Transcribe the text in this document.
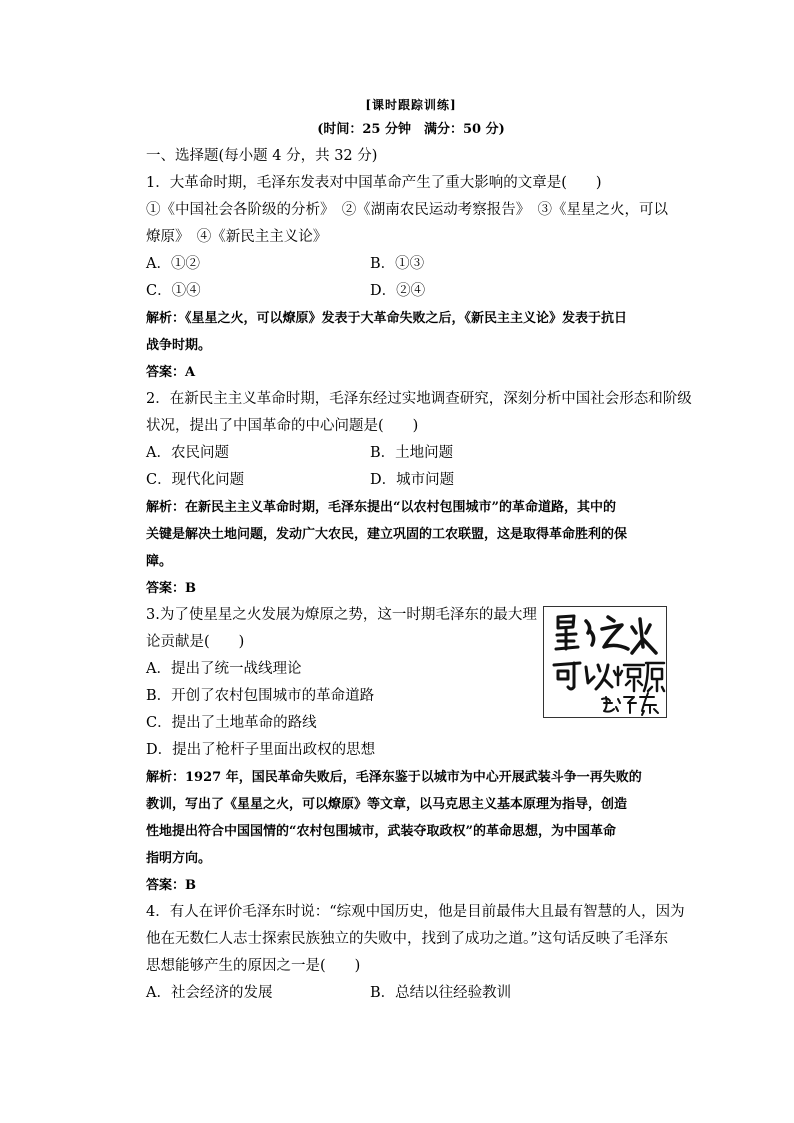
[课时跟踪训练]
(时间：25 分钟　满分：50 分)
一、选择题(每小题 4 分，共 32 分)
1．大革命时期，毛泽东发表对中国革命产生了重大影响的文章是(　　)
①《中国社会各阶级的分析》　②《湖南农民运动考察报告》　③《星星之火，可以
燎原》　④《新民主主义论》
A．①②	B．①③
C．①④	D．②④
解析：《星星之火，可以燎原》发表于大革命失败之后，《新民主主义论》发表于抗日
战争时期。
答案：A
2．在新民主主义革命时期，毛泽东经过实地调查研究，深刻分析中国社会形态和阶级
状况，提出了中国革命的中心问题是(　　)
A．农民问题	B．土地问题
C．现代化问题	D．城市问题
解析：在新民主主义革命时期，毛泽东提出“以农村包围城市”的革命道路，其中的
关键是解决土地问题，发动广大农民，建立巩固的工农联盟，这是取得革命胜利的保
障。
答案：B
3.为了使星星之火发展为燎原之势，这一时期毛泽东的最大理
论贡献是(　　)
A．提出了统一战线理论
B．开创了农村包围城市的革命道路
C．提出了土地革命的路线
D．提出了枪杆子里面出政权的思想
解析：1927 年，国民革命失败后，毛泽东鉴于以城市为中心开展武装斗争一再失败的
教训，写出了《星星之火，可以燎原》等文章，以马克思主义基本原理为指导，创造
性地提出符合中国国情的“农村包围城市，武装夺取政权”的革命思想，为中国革命
指明方向。
答案：B
4．有人在评价毛泽东时说：“综观中国历史，他是目前最伟大且最有智慧的人，因为
他在无数仁人志士探索民族独立的失败中，找到了成功之道。”这句话反映了毛泽东
思想能够产生的原因之一是(　　)
A．社会经济的发展	B．总结以往经验教训
